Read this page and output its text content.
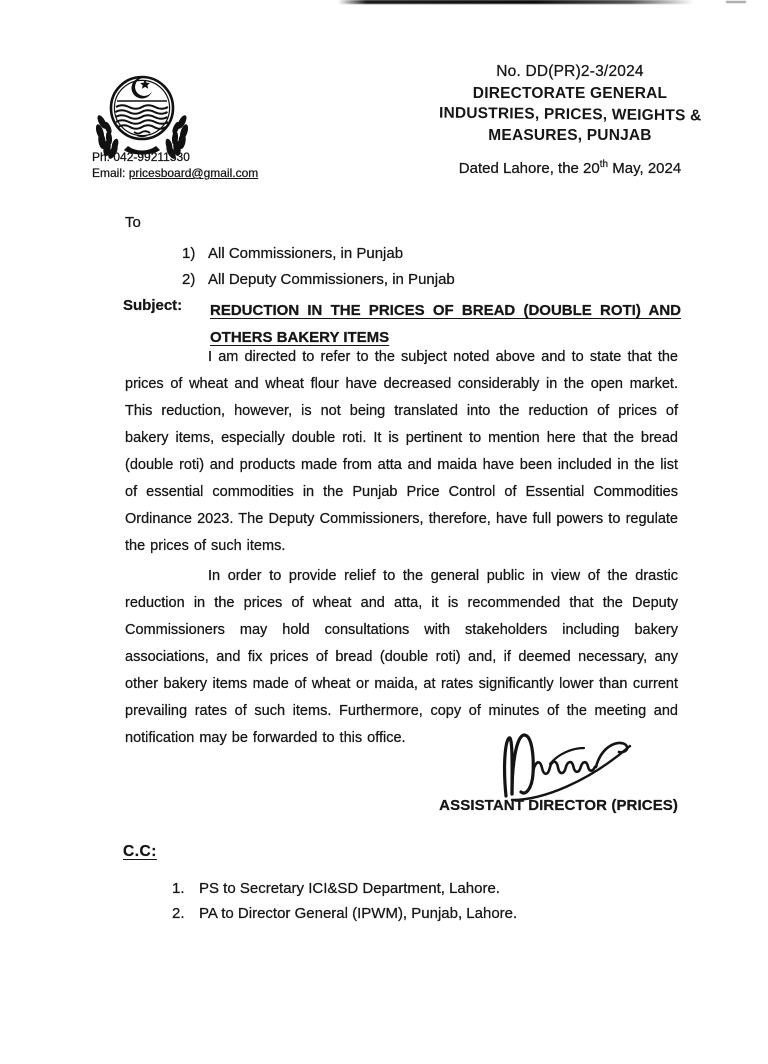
Ph: 042-99211530
Email: pricesboard@gmail.com
No. DD(PR)2-3/2024
DIRECTORATE GENERAL
INDUSTRIES, PRICES, WEIGHTS &
MEASURES, PUNJAB
Dated Lahore, the 20th May, 2024
To
1) All Commissioners, in Punjab
2) All Deputy Commissioners, in Punjab
Subject: REDUCTION IN THE PRICES OF BREAD (DOUBLE ROTI) AND OTHERS BAKERY ITEMS

I am directed to refer to the subject noted above and to state that the prices of wheat and wheat flour have decreased considerably in the open market. This reduction, however, is not being translated into the reduction of prices of bakery items, especially double roti. It is pertinent to mention here that the bread (double roti) and products made from atta and maida have been included in the list of essential commodities in the Punjab Price Control of Essential Commodities Ordinance 2023. The Deputy Commissioners, therefore, have full powers to regulate the prices of such items.

In order to provide relief to the general public in view of the drastic reduction in the prices of wheat and atta, it is recommended that the Deputy Commissioners may hold consultations with stakeholders including bakery associations, and fix prices of bread (double roti) and, if deemed necessary, any other bakery items made of wheat or maida, at rates significantly lower than current prevailing rates of such items. Furthermore, copy of minutes of the meeting and notification may be forwarded to this office.

ASSISTANT DIRECTOR (PRICES)
C.C:
1. PS to Secretary ICI&SD Department, Lahore.
2. PA to Director General (IPWM), Punjab, Lahore.
